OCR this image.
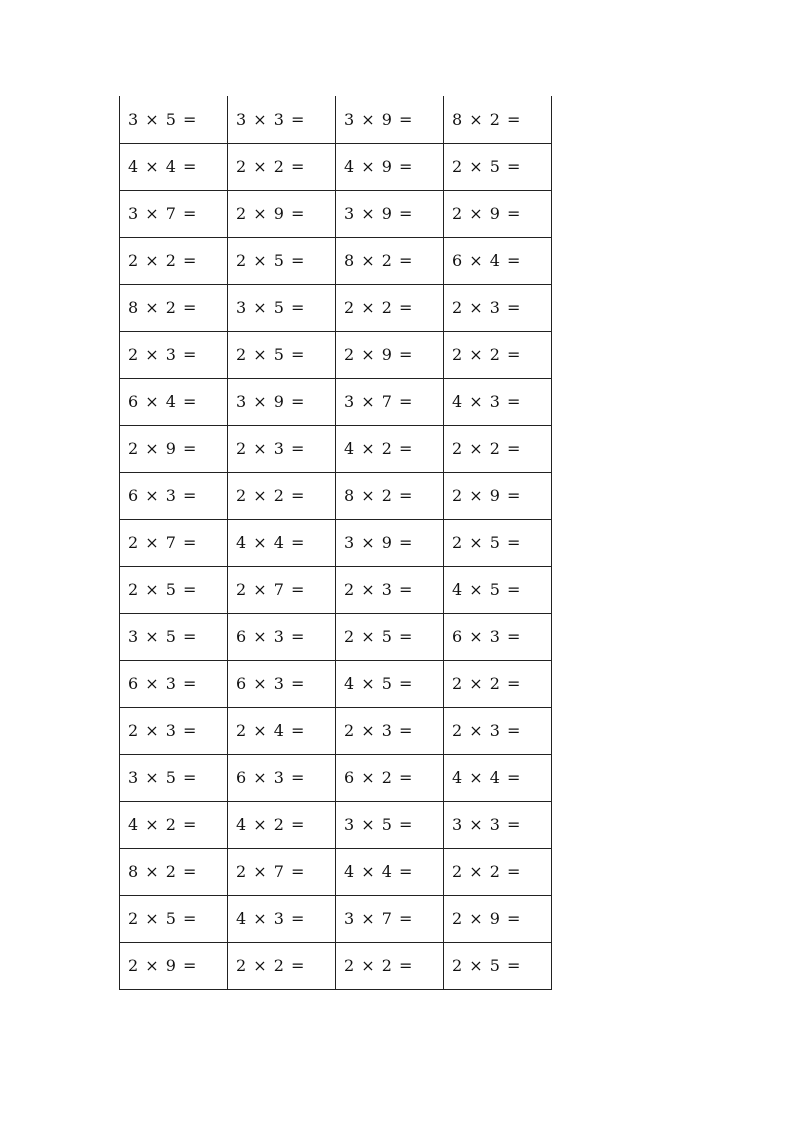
3 × 5 =	3 × 3 =	3 × 9 =	8 × 2 =
4 × 4 =	2 × 2 =	4 × 9 =	2 × 5 =
3 × 7 =	2 × 9 =	3 × 9 =	2 × 9 =
2 × 2 =	2 × 5 =	8 × 2 =	6 × 4 =
8 × 2 =	3 × 5 =	2 × 2 =	2 × 3 =
2 × 3 =	2 × 5 =	2 × 9 =	2 × 2 =
6 × 4 =	3 × 9 =	3 × 7 =	4 × 3 =
2 × 9 =	2 × 3 =	4 × 2 =	2 × 2 =
6 × 3 =	2 × 2 =	8 × 2 =	2 × 9 =
2 × 7 =	4 × 4 =	3 × 9 =	2 × 5 =
2 × 5 =	2 × 7 =	2 × 3 =	4 × 5 =
3 × 5 =	6 × 3 =	2 × 5 =	6 × 3 =
6 × 3 =	6 × 3 =	4 × 5 =	2 × 2 =
2 × 3 =	2 × 4 =	2 × 3 =	2 × 3 =
3 × 5 =	6 × 3 =	6 × 2 =	4 × 4 =
4 × 2 =	4 × 2 =	3 × 5 =	3 × 3 =
8 × 2 =	2 × 7 =	4 × 4 =	2 × 2 =
2 × 5 =	4 × 3 =	3 × 7 =	2 × 9 =
2 × 9 =	2 × 2 =	2 × 2 =	2 × 5 =
